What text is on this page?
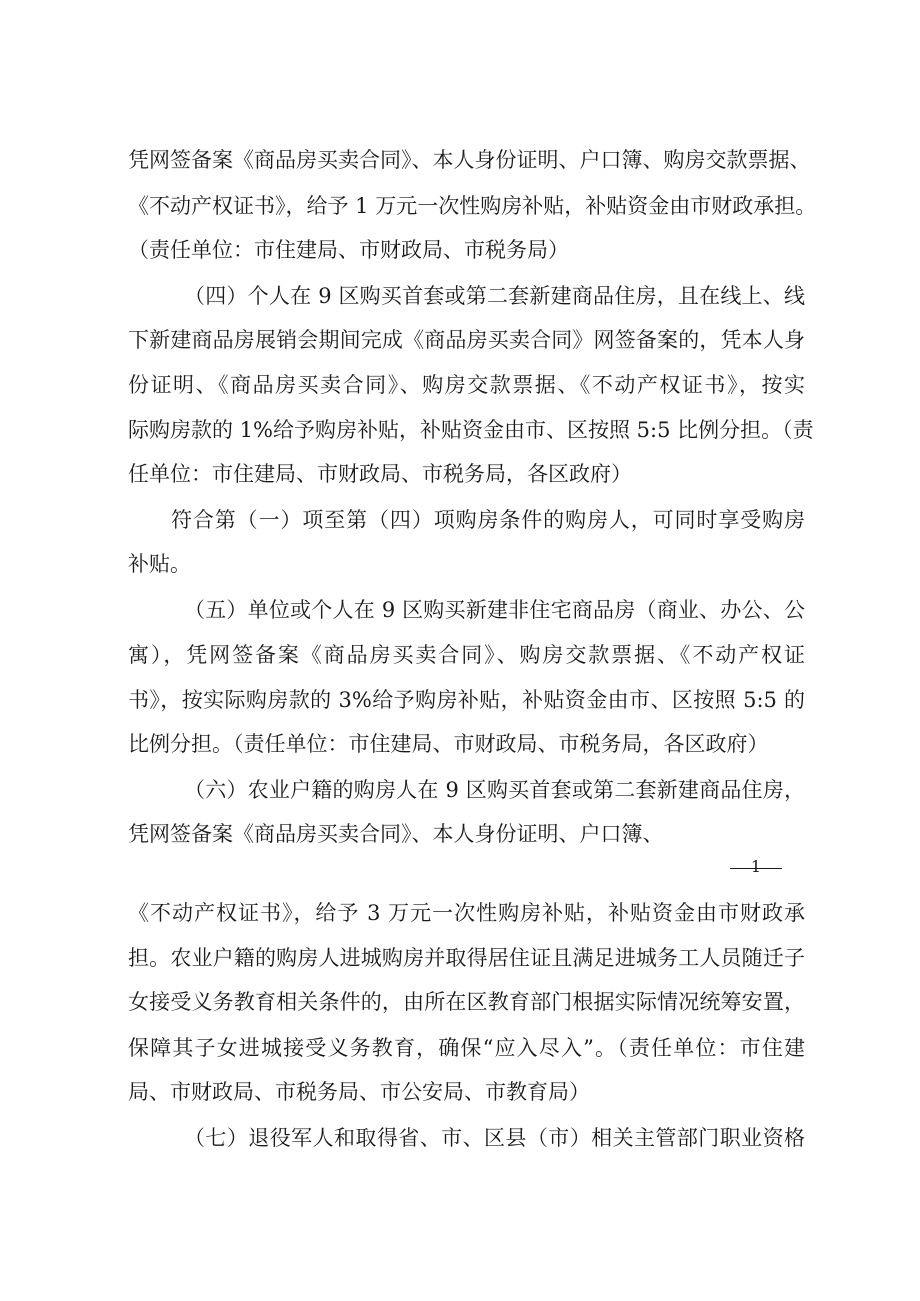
凭网签备案《商品房买卖合同》、本人身份证明、户口簿、购房交款票据、
《不动产权证书》，给予 1 万元一次性购房补贴，补贴资金由市财政承担。
（责任单位：市住建局、市财政局、市税务局）
（四）个人在 9 区购买首套或第二套新建商品住房，且在线上、线
下新建商品房展销会期间完成《商品房买卖合同》网签备案的，凭本人身
份证明、《商品房买卖合同》、购房交款票据、《不动产权证书》，按实
际购房款的 1%给予购房补贴，补贴资金由市、区按照 5:5 比例分担。（责
任单位：市住建局、市财政局、市税务局，各区政府）
符合第（一）项至第（四）项购房条件的购房人，可同时享受购房
补贴。
（五）单位或个人在 9 区购买新建非住宅商品房（商业、办公、公
寓），凭网签备案《商品房买卖合同》、购房交款票据、《不动产权证
书》，按实际购房款的 3%给予购房补贴，补贴资金由市、区按照 5:5 的
比例分担。（责任单位：市住建局、市财政局、市税务局，各区政府）
（六）农业户籍的购房人在 9 区购买首套或第二套新建商品住房，
凭网签备案《商品房买卖合同》、本人身份证明、户口簿、
1
《不动产权证书》，给予 3 万元一次性购房补贴，补贴资金由市财政承
担。农业户籍的购房人进城购房并取得居住证且满足进城务工人员随迁子
女接受义务教育相关条件的，由所在区教育部门根据实际情况统筹安置，
保障其子女进城接受义务教育，确保“应入尽入”。（责任单位：市住建
局、市财政局、市税务局、市公安局、市教育局）
（七）退役军人和取得省、市、区县（市）相关主管部门职业资格
